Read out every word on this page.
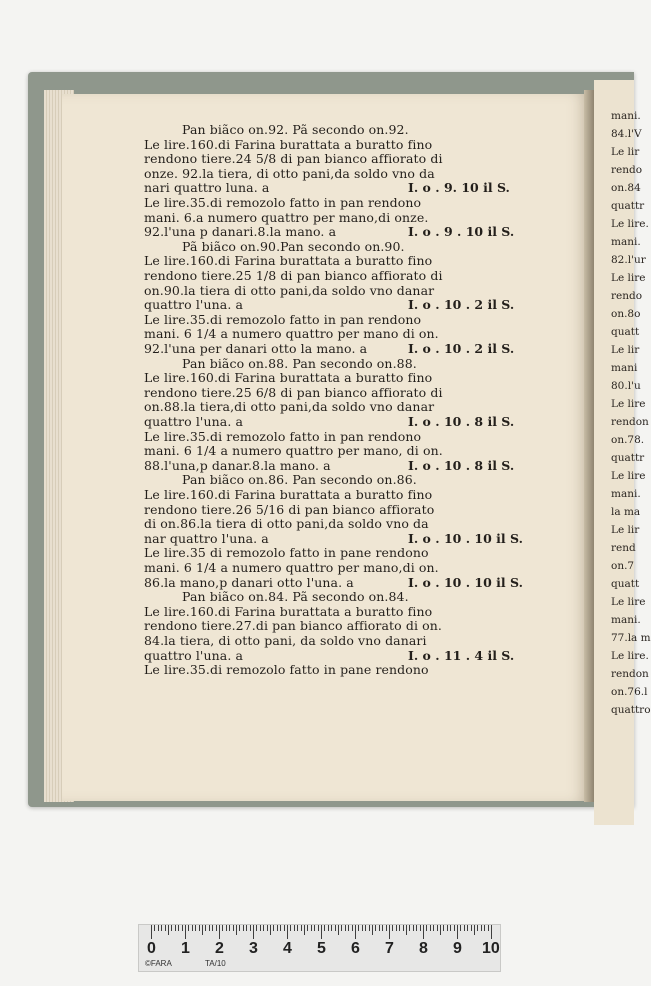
Pan biãco on.92. Pã secondo on.92.
Le lire.160.di Farina burattata a buratto fino
rendono tiere.24 5/8 di pan bianco affiorato di
onze. 92.la tiera, di otto pani,da soldo vno da
nari quattro luna. a	I. o . 9. 10 il S.
Le lire.35.di remozolo fatto in pan rendono
mani. 6.a numero quattro per mano,di onze.
92.l'una p danari.8.la mano. a	I. o . 9 . 10 il S.
Pã biãco on.90.Pan secondo on.90.
Le lire.160.di Farina burattata a buratto fino
rendono tiere.25 1/8 di pan bianco affiorato di
on.90.la tiera di otto pani,da soldo vno danar
quattro l'una. a	I. o . 10 . 2 il S.
Le lire.35.di remozolo fatto in pan rendono
mani. 6 1/4 a numero quattro per mano di on.
92.l'una per danari otto la mano. a	I. o . 10 . 2 il S.
Pan biãco on.88. Pan secondo on.88.
Le lire.160.di Farina burattata a buratto fino
rendono tiere.25 6/8 di pan bianco affiorato di
on.88.la tiera,di otto pani,da soldo vno danar
quattro l'una. a	I. o . 10 . 8 il S.
Le lire.35.di remozolo fatto in pan rendono
mani. 6 1/4 a numero quattro per mano, di on.
88.l'una,p danar.8.la mano. a	I. o . 10 . 8 il S.
Pan biãco on.86. Pan secondo on.86.
Le lire.160.di Farina burattata a buratto fino
rendono tiere.26 5/16 di pan bianco affiorato
di on.86.la tiera di otto pani,da soldo vno da
nar quattro l'una. a	I. o . 10 . 10 il S.
Le lire.35 di remozolo fatto in pane rendono
mani. 6 1/4 a numero quattro per mano,di on.
86.la mano,p danari otto l'una. a	I. o . 10 . 10 il S.
Pan biãco on.84. Pã secondo on.84.
Le lire.160.di Farina burattata a buratto fino
rendono tiere.27.di pan bianco affiorato di on.
84.la tiera, di otto pani, da soldo vno danari
quattro l'una. a	I. o . 11 . 4 il S.
Le lire.35.di remozolo fatto in pane rendono
mani.
84.l'V
Le lir
rendo
on.84
quattr
Le lire.
mani.
82.l'ur
Le lire
rendo
on.8o
quatt
Le lir
mani
80.l'u
Le lire
rendon
on.78.
quattr
Le lire
mani.
la ma
Le lir
rend
on.7
quatt
Le lire
mani.
77.la m
Le lire.
rendon
on.76.l
quattro
©FARA	TA/10
0 1 2 3 4 5 6 7 8 9 10
